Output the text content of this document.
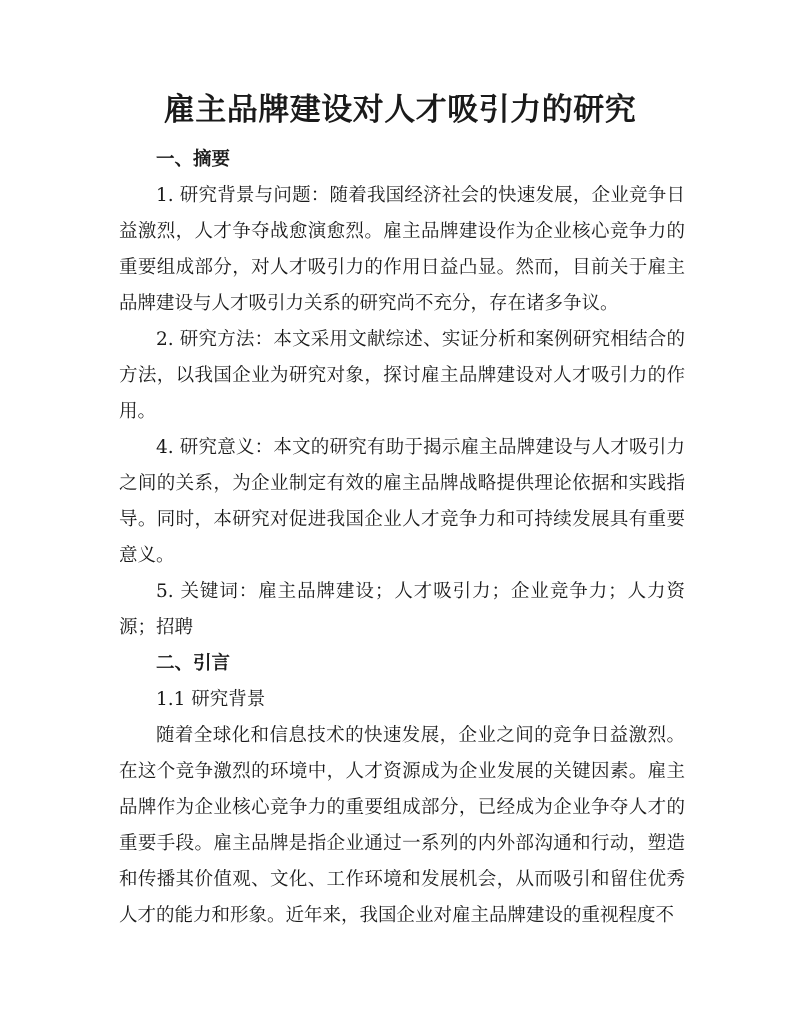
雇主品牌建设对人才吸引力的研究

一、摘要

1. 研究背景与问题：随着我国经济社会的快速发展，企业竞争日益激烈，人才争夺战愈演愈烈。雇主品牌建设作为企业核心竞争力的重要组成部分，对人才吸引力的作用日益凸显。然而，目前关于雇主品牌建设与人才吸引力关系的研究尚不充分，存在诸多争议。

2. 研究方法：本文采用文献综述、实证分析和案例研究相结合的方法，以我国企业为研究对象，探讨雇主品牌建设对人才吸引力的作用。

4. 研究意义：本文的研究有助于揭示雇主品牌建设与人才吸引力之间的关系，为企业制定有效的雇主品牌战略提供理论依据和实践指导。同时，本研究对促进我国企业人才竞争力和可持续发展具有重要意义。

5. 关键词：雇主品牌建设；人才吸引力；企业竞争力；人力资源；招聘

二、引言

1.1 研究背景

随着全球化和信息技术的快速发展，企业之间的竞争日益激烈。在这个竞争激烈的环境中，人才资源成为企业发展的关键因素。雇主品牌作为企业核心竞争力的重要组成部分，已经成为企业争夺人才的重要手段。雇主品牌是指企业通过一系列的内外部沟通和行动，塑造和传播其价值观、文化、工作环境和发展机会，从而吸引和留住优秀人才的能力和形象。近年来，我国企业对雇主品牌建设的重视程度不
